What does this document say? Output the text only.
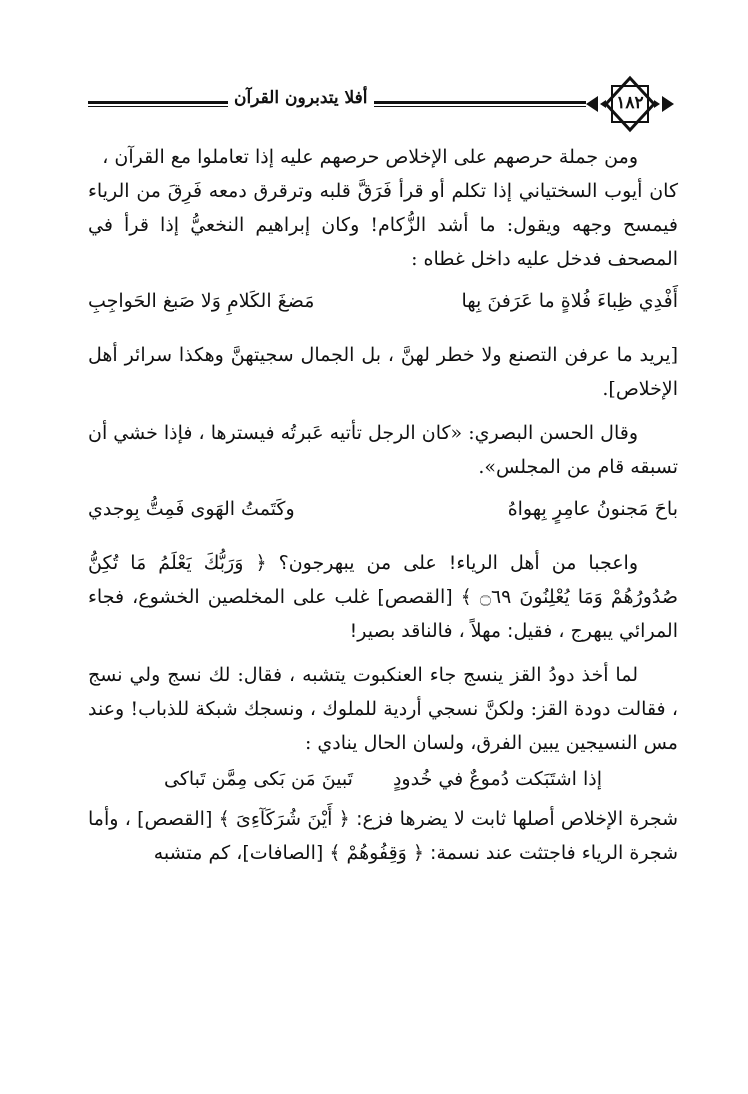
أفلا يتدبرون القرآن	١٨٢

ومن جملة حرصهم على الإخلاص حرصهم عليه إذا تعاملوا مع القرآن ،

كان أيوب السختياني إذا تكلم أو قرأ فَرَقَّ قلبه وترقرق دمعه فَرِقَ من الرياء فيمسح وجهه ويقول: ما أشد الزُّكام! وكان إبراهيم النخعيُّ إذا قرأ في المصحف فدخل عليه داخل غطاه :

أَفْدِي ظِباءَ فُلاةٍ ما عَرَفنَ بِها
مَضغَ الكَلامِ وَلا صَبغ الحَواجِبِ

[يريد ما عرفن التصنع ولا خطر لهنَّ ، بل الجمال سجيتهنَّ وهكذا سرائر أهل الإخلاص].

وقال الحسن البصري: «كان الرجل تأتيه عَبرتُه فيسترها ، فإذا خشي أن تسبقه قام من المجلس».

باحَ مَجنونُ عامِرٍ بِهواهُ
وكَتَمتُ الهَوى فَمِتُّ بِوجدي

واعجبا من أهل الرياء! على من يبهرجون؟ ﴿ وَرَبُّكَ يَعْلَمُ مَا تُكِنُّ صُدُورُهُمْ وَمَا يُعْلِنُونَ ۝٦٩ ﴾ [القصص] غلب على المخلصين الخشوع، فجاء المرائي يبهرج ، فقيل: مهلاً ، فالناقد بصير!

لما أخذ دودُ القز ينسج جاء العنكبوت يتشبه ، فقال: لك نسج ولي نسج ، فقالت دودة القز: ولكنَّ نسجي أردية للملوك ، ونسجك شبكة للذباب! وعند مس النسيجين يبين الفرق، ولسان الحال ينادي :

إذا اشتَبَكت دُموعٌ في خُدودٍ
تَبينَ مَن بَكى مِمَّن تَباكى

شجرة الإخلاص أصلها ثابت لا يضرها فزع: ﴿ أَيْنَ شُرَكَآءِىَ ﴾ [القصص] ، وأما شجرة الرياء فاجتثت عند نسمة: ﴿ وَقِفُوهُمْ ﴾ [الصافات]، كم متشبه
